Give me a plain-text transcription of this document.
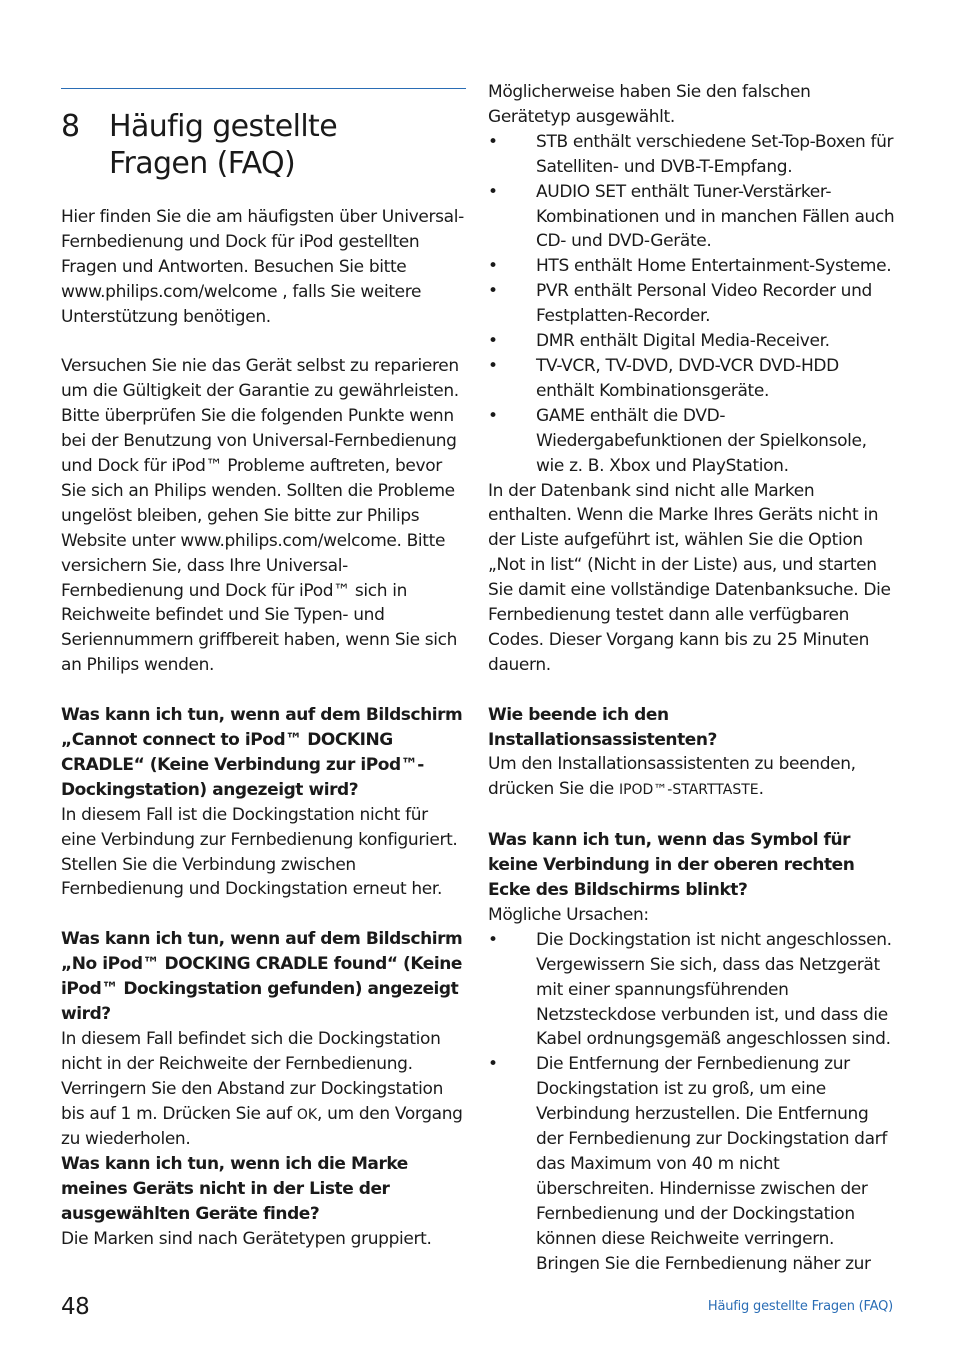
8 Häufig gestellte Fragen (FAQ)

Hier finden Sie die am häufigsten über Universal-Fernbedienung und Dock für iPod gestellten Fragen und Antworten. Besuchen Sie bitte www.philips.com/welcome , falls Sie weitere Unterstützung benötigen.

Versuchen Sie nie das Gerät selbst zu reparieren um die Gültigkeit der Garantie zu gewährleisten. Bitte überprüfen Sie die folgenden Punkte wenn bei der Benutzung von Universal-Fernbedienung und Dock für iPod™ Probleme auftreten, bevor Sie sich an Philips wenden. Sollten die Probleme ungelöst bleiben, gehen Sie bitte zur Philips Website unter www.philips.com/welcome. Bitte versichern Sie, dass Ihre Universal-Fernbedienung und Dock für iPod™ sich in Reichweite befindet und Sie Typen- und Seriennummern griffbereit haben, wenn Sie sich an Philips wenden.

Was kann ich tun, wenn auf dem Bildschirm „Cannot connect to iPod™ DOCKING CRADLE“ (Keine Verbindung zur iPod™-Dockingstation) angezeigt wird?

In diesem Fall ist die Dockingstation nicht für eine Verbindung zur Fernbedienung konfiguriert. Stellen Sie die Verbindung zwischen Fernbedienung und Dockingstation erneut her.

Was kann ich tun, wenn auf dem Bildschirm „No iPod™ DOCKING CRADLE found“ (Keine iPod™ Dockingstation gefunden) angezeigt wird?

In diesem Fall befindet sich die Dockingstation nicht in der Reichweite der Fernbedienung. Verringern Sie den Abstand zur Dockingstation bis auf 1 m. Drücken Sie auf OK, um den Vorgang zu wiederholen.

Was kann ich tun, wenn ich die Marke meines Geräts nicht in der Liste der ausgewählten Geräte finde?

Die Marken sind nach Gerätetypen gruppiert.

Möglicherweise haben Sie den falschen Gerätetyp ausgewählt.

• STB enthält verschiedene Set-Top-Boxen für Satelliten- und DVB-T-Empfang.
• AUDIO SET enthält Tuner-Verstärker-Kombinationen und in manchen Fällen auch CD- und DVD-Geräte.
• HTS enthält Home Entertainment-Systeme.
• PVR enthält Personal Video Recorder und Festplatten-Recorder.
• DMR enthält Digital Media-Receiver.
• TV-VCR, TV-DVD, DVD-VCR DVD-HDD enthält Kombinationsgeräte.
• GAME enthält die DVD-Wiedergabefunktionen der Spielkonsole, wie z. B. Xbox und PlayStation.

In der Datenbank sind nicht alle Marken enthalten. Wenn die Marke Ihres Geräts nicht in der Liste aufgeführt ist, wählen Sie die Option „Not in list“ (Nicht in der Liste) aus, und starten Sie damit eine vollständige Datenbanksuche. Die Fernbedienung testet dann alle verfügbaren Codes. Dieser Vorgang kann bis zu 25 Minuten dauern.

Wie beende ich den Installationsassistenten?

Um den Installationsassistenten zu beenden, drücken Sie die IPOD™-STARTTASTE.

Was kann ich tun, wenn das Symbol für keine Verbindung in der oberen rechten Ecke des Bildschirms blinkt?

Mögliche Ursachen:

• Die Dockingstation ist nicht angeschlossen. Vergewissern Sie sich, dass das Netzgerät mit einer spannungsführenden Netzsteckdose verbunden ist, und dass die Kabel ordnungsgemäß angeschlossen sind.
• Die Entfernung der Fernbedienung zur Dockingstation ist zu groß, um eine Verbindung herzustellen. Die Entfernung der Fernbedienung zur Dockingstation darf das Maximum von 40 m nicht überschreiten. Hindernisse zwischen der Fernbedienung und der Dockingstation können diese Reichweite verringern. Bringen Sie die Fernbedienung näher zur
48	Häufig gestellte Fragen (FAQ)
